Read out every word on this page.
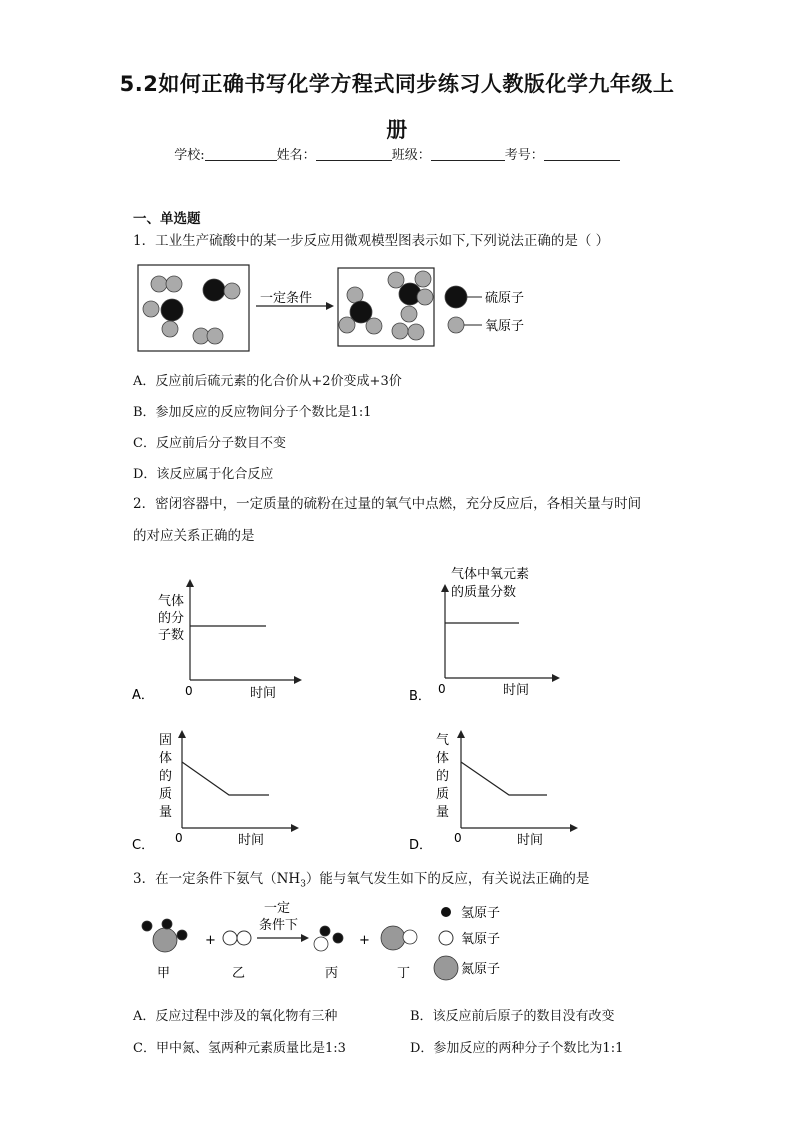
5.2如何正确书写化学方程式同步练习人教版化学九年级上
册
学校:	姓名：	班级：	考号：
一、单选题
1．工业生产硫酸中的某一步反应用微观模型图表示如下,下列说法正确的是（ ）
一定条件	硫原子
氧原子
A．反应前后硫元素的化合价从+2价变成+3价
B．参加反应的反应物间分子个数比是1:1
C．反应前后分子数目不变
D．该反应属于化合反应
2．密闭容器中，一定质量的硫粉在过量的氧气中点燃，充分反应后，各相关量与时间
的对应关系正确的是
A．
气体
的分
子数
0	时间	B．
气体中氧元素
的质量分数
0	时间
C．
固
体
的
质
量
0	时间	D．
气
体
的
质
量
0	时间
3．在一定条件下氨气$(NH_3)$能与氧气发生如下的反应，有关说法正确的是
+
一定
条件下
+
甲	乙	丙	丁
氢原子
氧原子
氮原子
A．反应过程中涉及的氧化物有三种	B．该反应前后原子的数目没有改变
C．甲中氮、氢两种元素质量比是1:3	D．参加反应的两种分子个数比为1:1
